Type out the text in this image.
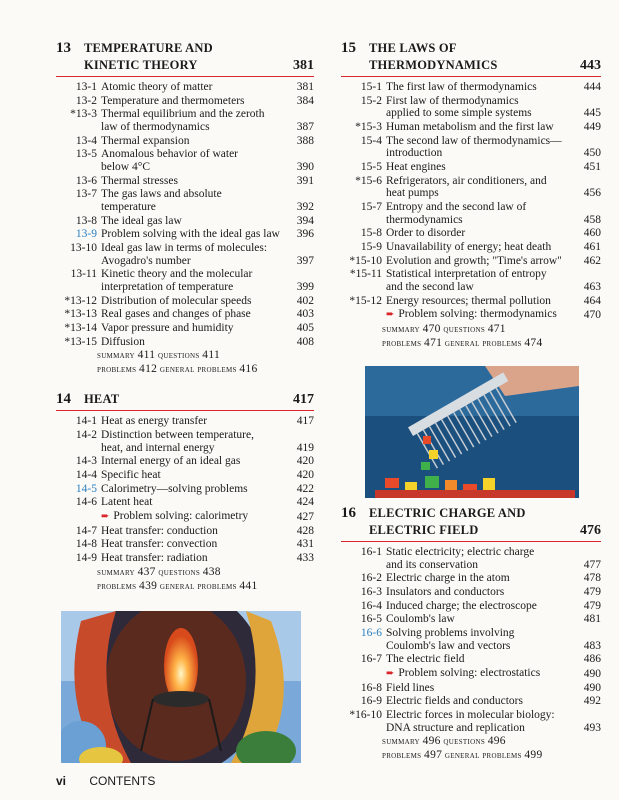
13	TEMPERATURE AND
KINETIC THEORY	381
13-1 Atomic theory of matter	381
13-2 Temperature and thermometers	384
*13-3 Thermal equilibrium and the zeroth
law of thermodynamics	387
13-4 Thermal expansion	388
13-5 Anomalous behavior of water
below 4°C	390
13-6 Thermal stresses	391
13-7 The gas laws and absolute
temperature	392
13-8 The ideal gas law	394
13-9 Problem solving with the ideal gas law	396
13-10 Ideal gas law in terms of molecules:
Avogadro's number	397
13-11 Kinetic theory and the molecular
interpretation of temperature	399
*13-12 Distribution of molecular speeds	402
*13-13 Real gases and changes of phase	403
*13-14 Vapor pressure and humidity	405
*13-15 Diffusion	408
summary 411 questions 411
problems 412 general problems 416
14	HEAT	417
14-1 Heat as energy transfer	417
14-2 Distinction between temperature,
heat, and internal energy	419
14-3 Internal energy of an ideal gas	420
14-4 Specific heat	420
14-5 Calorimetry—solving problems	422
14-6 Latent heat	424
➨ Problem solving: calorimetry	427
14-7 Heat transfer: conduction	428
14-8 Heat transfer: convection	431
14-9 Heat transfer: radiation	433
summary 437 questions 438
problems 439 general problems 441
15	THE LAWS OF
THERMODYNAMICS	443
15-1 The first law of thermodynamics	444
15-2 First law of thermodynamics
applied to some simple systems	445
*15-3 Human metabolism and the first law	449
15-4 The second law of thermodynamics—
introduction	450
15-5 Heat engines	451
*15-6 Refrigerators, air conditioners, and
heat pumps	456
15-7 Entropy and the second law of
thermodynamics	458
15-8 Order to disorder	460
15-9 Unavailability of energy; heat death	461
*15-10 Evolution and growth; "Time's arrow"	462
*15-11 Statistical interpretation of entropy
and the second law	463
*15-12 Energy resources; thermal pollution	464
➨ Problem solving: thermodynamics	470
summary 470 questions 471
problems 471 general problems 474
16	ELECTRIC CHARGE AND
ELECTRIC FIELD	476
16-1 Static electricity; electric charge
and its conservation	477
16-2 Electric charge in the atom	478
16-3 Insulators and conductors	479
16-4 Induced charge; the electroscope	479
16-5 Coulomb's law	481
16-6 Solving problems involving
Coulomb's law and vectors	483
16-7 The electric field	486
➨ Problem solving: electrostatics	490
16-8 Field lines	490
16-9 Electric fields and conductors	492
*16-10 Electric forces in molecular biology:
DNA structure and replication	493
summary 496 questions 496
problems 497 general problems 499
vi CONTENTS
